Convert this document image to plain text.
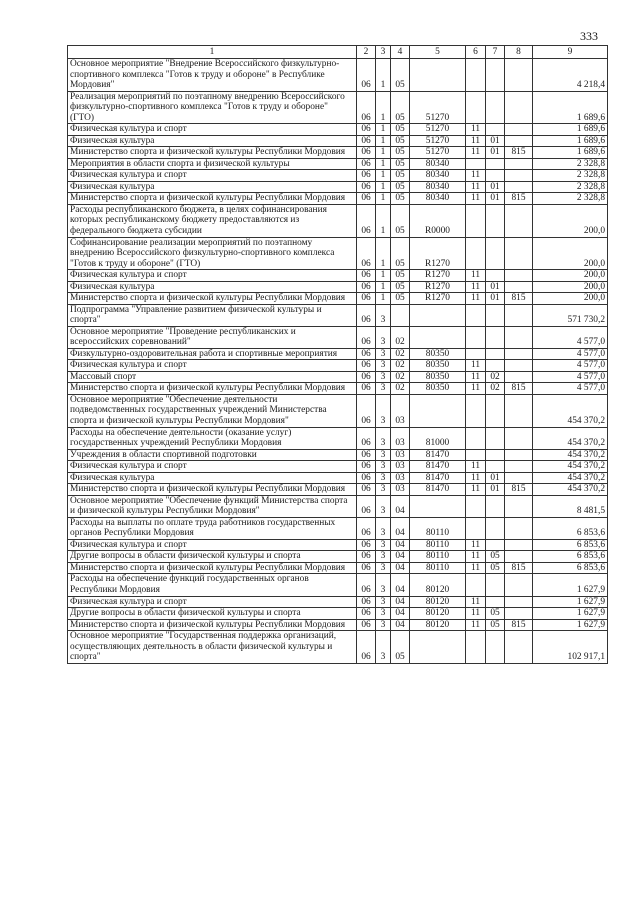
333
1	2	3	4	5	6	7	8	9
Основное мероприятие "Внедрение Всероссийского физкультурно-спортивного комплекса "Готов к труду и обороне" в Республике Мордовия"	06	1	05					4 218,4
Реализация мероприятий по поэтапному внедрению Всероссийского физкультурно-спортивного комплекса "Готов к труду и обороне" (ГТО)	06	1	05	51270				1 689,6
Физическая культура и спорт	06	1	05	51270	11			1 689,6
Физическая культура	06	1	05	51270	11	01		1 689,6
Министерство спорта и физической культуры Республики Мордовия	06	1	05	51270	11	01	815	1 689,6
Мероприятия в области спорта и физической культуры	06	1	05	80340				2 328,8
Физическая культура и спорт	06	1	05	80340	11			2 328,8
Физическая культура	06	1	05	80340	11	01		2 328,8
Министерство спорта и физической культуры Республики Мордовия	06	1	05	80340	11	01	815	2 328,8
Расходы республиканского бюджета, в целях софинансирования которых республиканскому бюджету предоставляются из федерального бюджета субсидии	06	1	05	R0000				200,0
Софинансирование реализации мероприятий по поэтапному внедрению Всероссийского физкультурно-спортивного комплекса "Готов к труду и обороне" (ГТО)	06	1	05	R1270				200,0
Физическая культура и спорт	06	1	05	R1270	11			200,0
Физическая культура	06	1	05	R1270	11	01		200,0
Министерство спорта и физической культуры Республики Мордовия	06	1	05	R1270	11	01	815	200,0
Подпрограмма "Управление развитием физической культуры и спорта"	06	3						571 730,2
Основное мероприятие "Проведение республиканских и всероссийских соревнований"	06	3	02					4 577,0
Физкультурно-оздоровительная работа и спортивные мероприятия	06	3	02	80350				4 577,0
Физическая культура и спорт	06	3	02	80350	11			4 577,0
Массовый спорт	06	3	02	80350	11	02		4 577,0
Министерство спорта и физической культуры Республики Мордовия	06	3	02	80350	11	02	815	4 577,0
Основное мероприятие "Обеспечение деятельности подведомственных государственных учреждений Министерства спорта и физической культуры Республики Мордовия"	06	3	03					454 370,2
Расходы на обеспечение деятельности (оказание услуг) государственных учреждений Республики Мордовия	06	3	03	81000				454 370,2
Учреждения в области спортивной подготовки	06	3	03	81470				454 370,2
Физическая культура и спорт	06	3	03	81470	11			454 370,2
Физическая культура	06	3	03	81470	11	01		454 370,2
Министерство спорта и физической культуры Республики Мордовия	06	3	03	81470	11	01	815	454 370,2
Основное мероприятие "Обеспечение функций Министерства спорта и физической культуры Республики Мордовия"	06	3	04					8 481,5
Расходы на выплаты по оплате труда работников государственных органов Республики Мордовия	06	3	04	80110				6 853,6
Физическая культура и спорт	06	3	04	80110	11			6 853,6
Другие вопросы в области физической культуры и спорта	06	3	04	80110	11	05		6 853,6
Министерство спорта и физической культуры Республики Мордовия	06	3	04	80110	11	05	815	6 853,6
Расходы на обеспечение функций государственных органов Республики Мордовия	06	3	04	80120				1 627,9
Физическая культура и спорт	06	3	04	80120	11			1 627,9
Другие вопросы в области физической культуры и спорта	06	3	04	80120	11	05		1 627,9
Министерство спорта и физической культуры Республики Мордовия	06	3	04	80120	11	05	815	1 627,9
Основное мероприятие "Государственная поддержка организаций, осуществляющих деятельность в области физической культуры и спорта"	06	3	05					102 917,1
